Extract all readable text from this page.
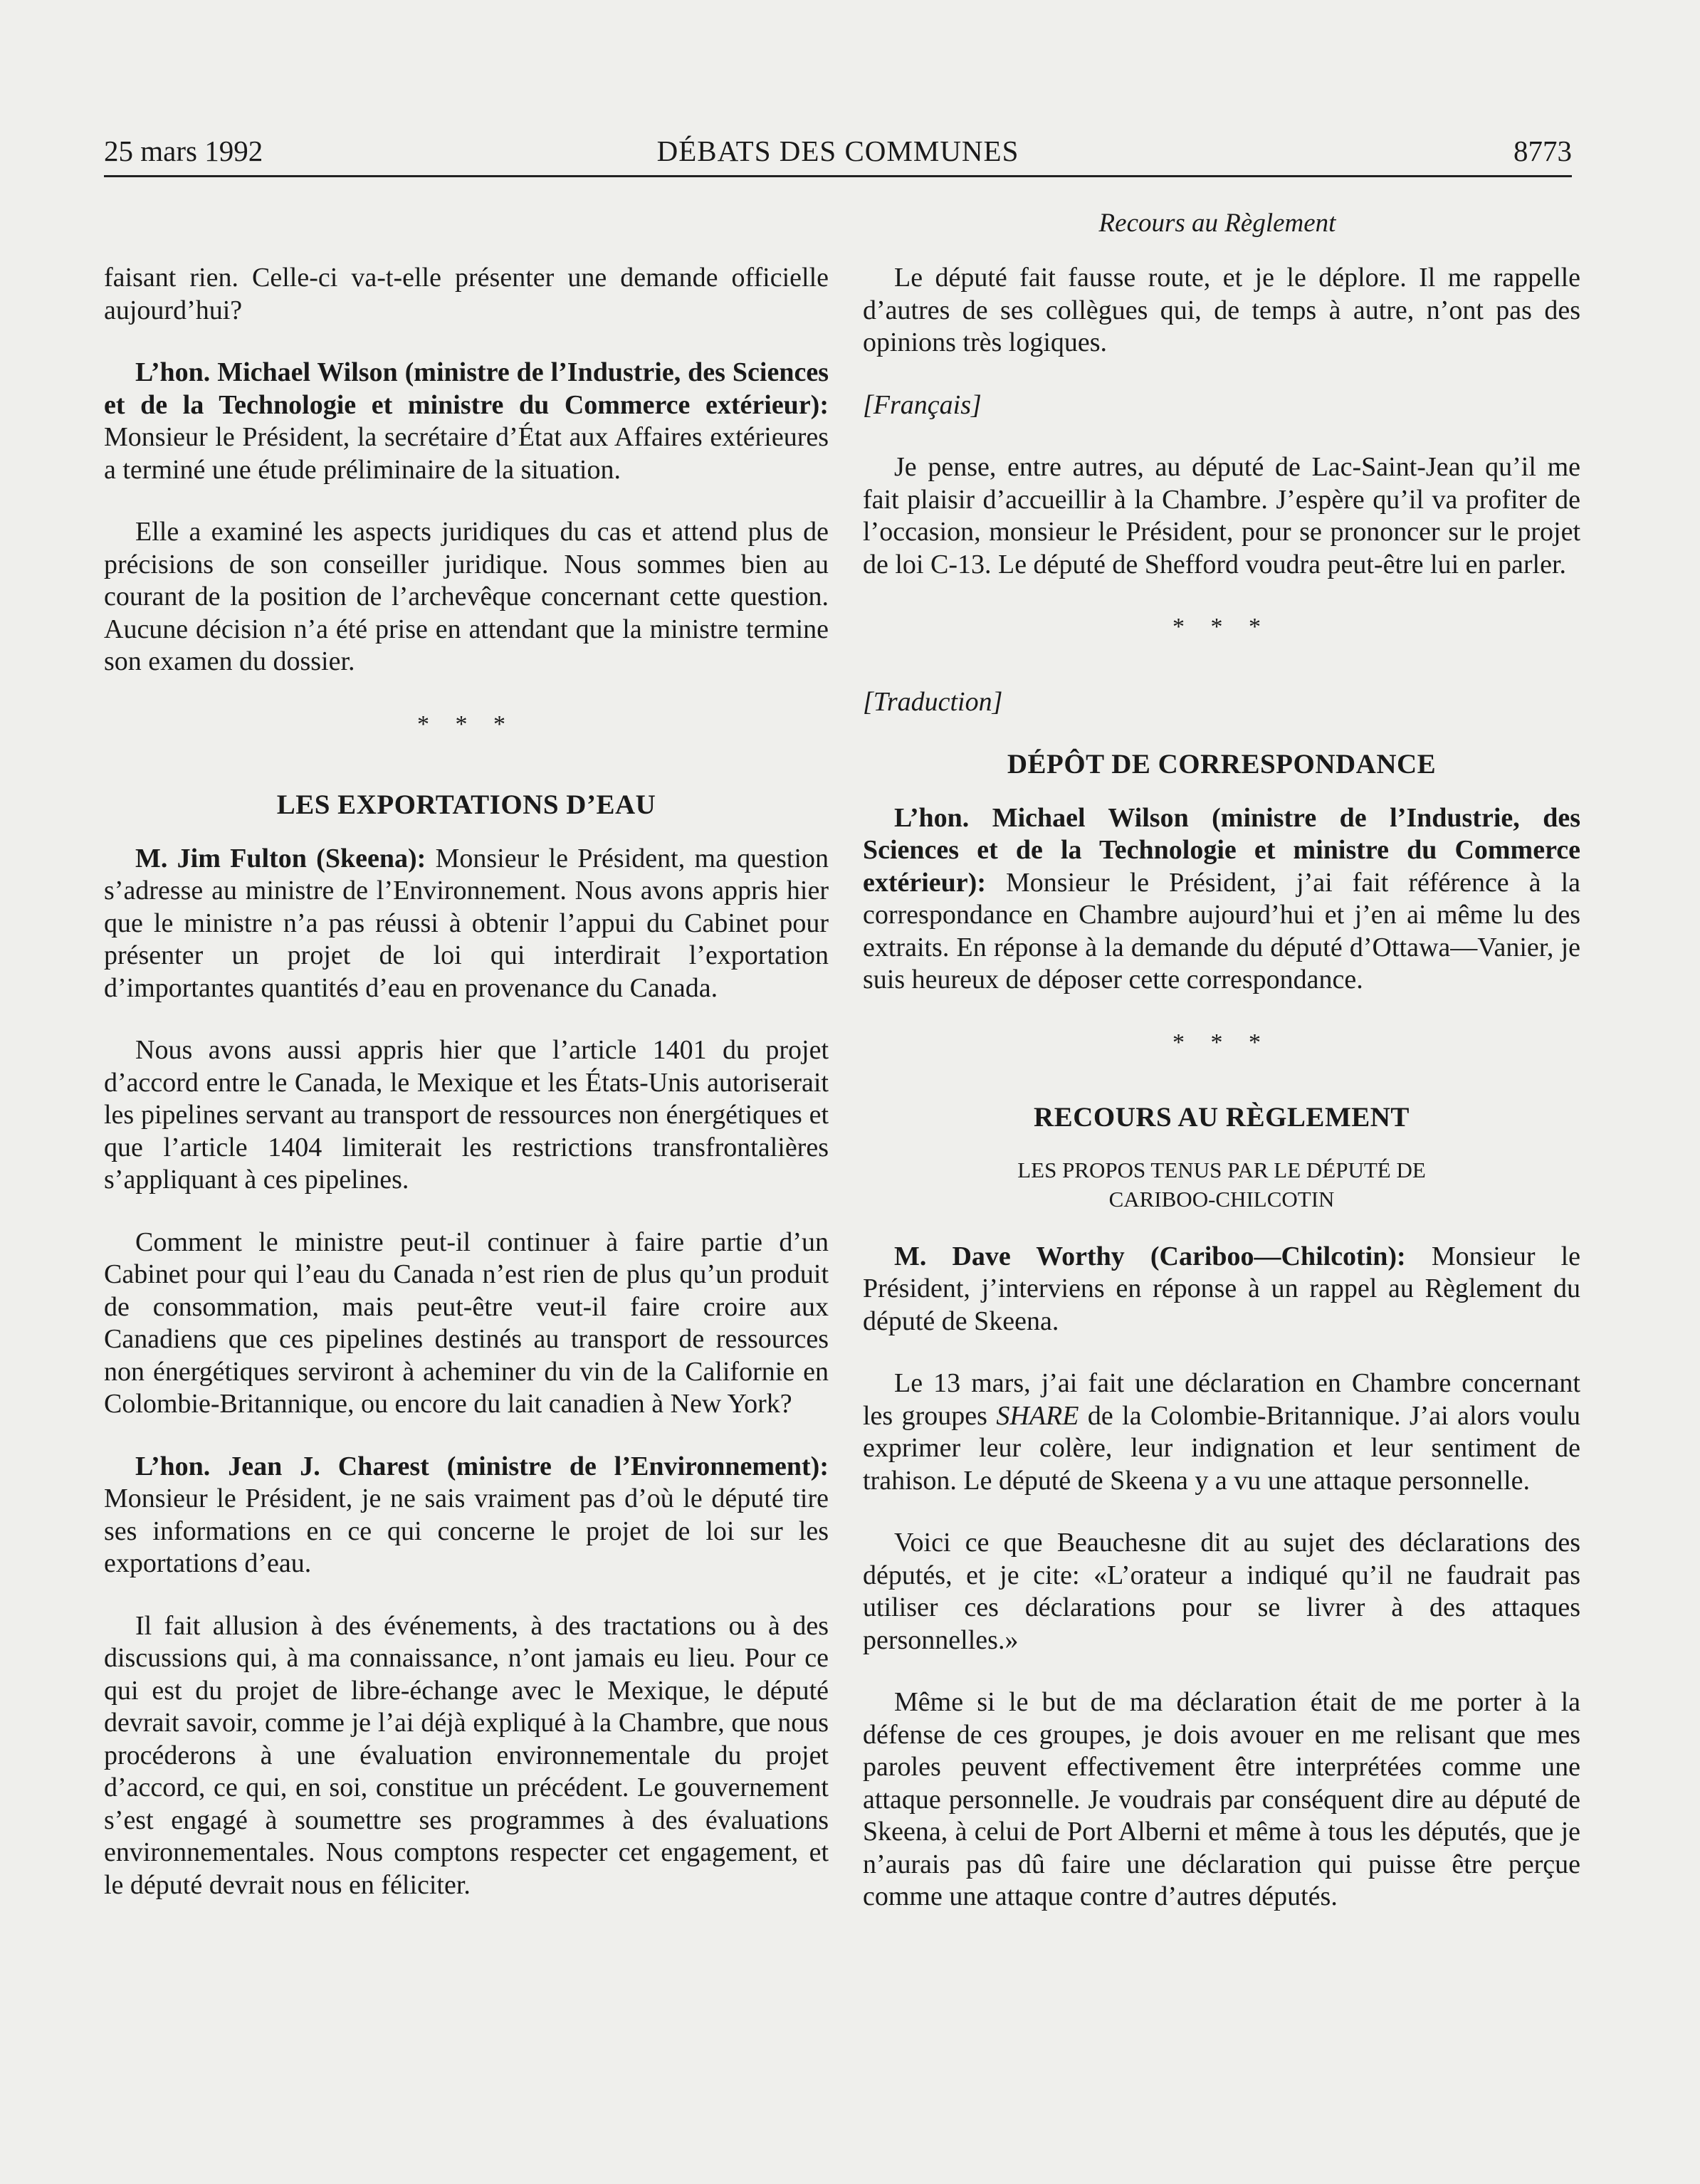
25 mars 1992	DÉBATS DES COMMUNES	8773
Recours au Règlement

faisant rien. Celle-ci va-t-elle présenter une demande officielle aujourd’hui?

L’hon. Michael Wilson (ministre de l’Industrie, des Sciences et de la Technologie et ministre du Commerce extérieur): Monsieur le Président, la secrétaire d’État aux Affaires extérieures a terminé une étude préliminaire de la situation.

Elle a examiné les aspects juridiques du cas et attend plus de précisions de son conseiller juridique. Nous sommes bien au courant de la position de l’archevêque concernant cette question. Aucune décision n’a été prise en attendant que la ministre termine son examen du dossier.

* * *
LES EXPORTATIONS D’EAU

M. Jim Fulton (Skeena): Monsieur le Président, ma question s’adresse au ministre de l’Environnement. Nous avons appris hier que le ministre n’a pas réussi à obtenir l’appui du Cabinet pour présenter un projet de loi qui interdirait l’exportation d’importantes quantités d’eau en provenance du Canada.

Nous avons aussi appris hier que l’article 1401 du projet d’accord entre le Canada, le Mexique et les États-Unis autoriserait les pipelines servant au transport de ressources non énergétiques et que l’article 1404 limiterait les restrictions transfrontalières s’appliquant à ces pipelines.

Comment le ministre peut-il continuer à faire partie d’un Cabinet pour qui l’eau du Canada n’est rien de plus qu’un produit de consommation, mais peut-être veut-il faire croire aux Canadiens que ces pipelines destinés au transport de ressources non énergétiques serviront à acheminer du vin de la Californie en Colombie-Britannique, ou encore du lait canadien à New York?

L’hon. Jean J. Charest (ministre de l’Environnement): Monsieur le Président, je ne sais vraiment pas d’où le député tire ses informations en ce qui concerne le projet de loi sur les exportations d’eau.

Il fait allusion à des événements, à des tractations ou à des discussions qui, à ma connaissance, n’ont jamais eu lieu. Pour ce qui est du projet de libre-échange avec le Mexique, le député devrait savoir, comme je l’ai déjà expliqué à la Chambre, que nous procéderons à une évaluation environnementale du projet d’accord, ce qui, en soi, constitue un précédent. Le gouvernement s’est engagé à soumettre ses programmes à des évaluations environnementales. Nous comptons respecter cet engagement, et le député devrait nous en féliciter.

Le député fait fausse route, et je le déplore. Il me rappelle d’autres de ses collègues qui, de temps à autre, n’ont pas des opinions très logiques.

[Français]

Je pense, entre autres, au député de Lac-Saint-Jean qu’il me fait plaisir d’accueillir à la Chambre. J’espère qu’il va profiter de l’occasion, monsieur le Président, pour se prononcer sur le projet de loi C-13. Le député de Shefford voudra peut-être lui en parler.

* * *

[Traduction]

DÉPÔT DE CORRESPONDANCE

L’hon. Michael Wilson (ministre de l’Industrie, des Sciences et de la Technologie et ministre du Commerce extérieur): Monsieur le Président, j’ai fait référence à la correspondance en Chambre aujourd’hui et j’en ai même lu des extraits. En réponse à la demande du député d’Ottawa—Vanier, je suis heureux de déposer cette correspondance.

* * *
RECOURS AU RÈGLEMENT
LES PROPOS TENUS PAR LE DÉPUTÉ DE
CARIBOO-CHILCOTIN

M. Dave Worthy (Cariboo—Chilcotin): Monsieur le Président, j’interviens en réponse à un rappel au Règlement du député de Skeena.

Le 13 mars, j’ai fait une déclaration en Chambre concernant les groupes SHARE de la Colombie-Britannique. J’ai alors voulu exprimer leur colère, leur indignation et leur sentiment de trahison. Le député de Skeena y a vu une attaque personnelle.

Voici ce que Beauchesne dit au sujet des déclarations des députés, et je cite: «L’orateur a indiqué qu’il ne faudrait pas utiliser ces déclarations pour se livrer à des attaques personnelles.»

Même si le but de ma déclaration était de me porter à la défense de ces groupes, je dois avouer en me relisant que mes paroles peuvent effectivement être interprétées comme une attaque personnelle. Je voudrais par conséquent dire au député de Skeena, à celui de Port Alberni et même à tous les députés, que je n’aurais pas dû faire une déclaration qui puisse être perçue comme une attaque contre d’autres députés.
